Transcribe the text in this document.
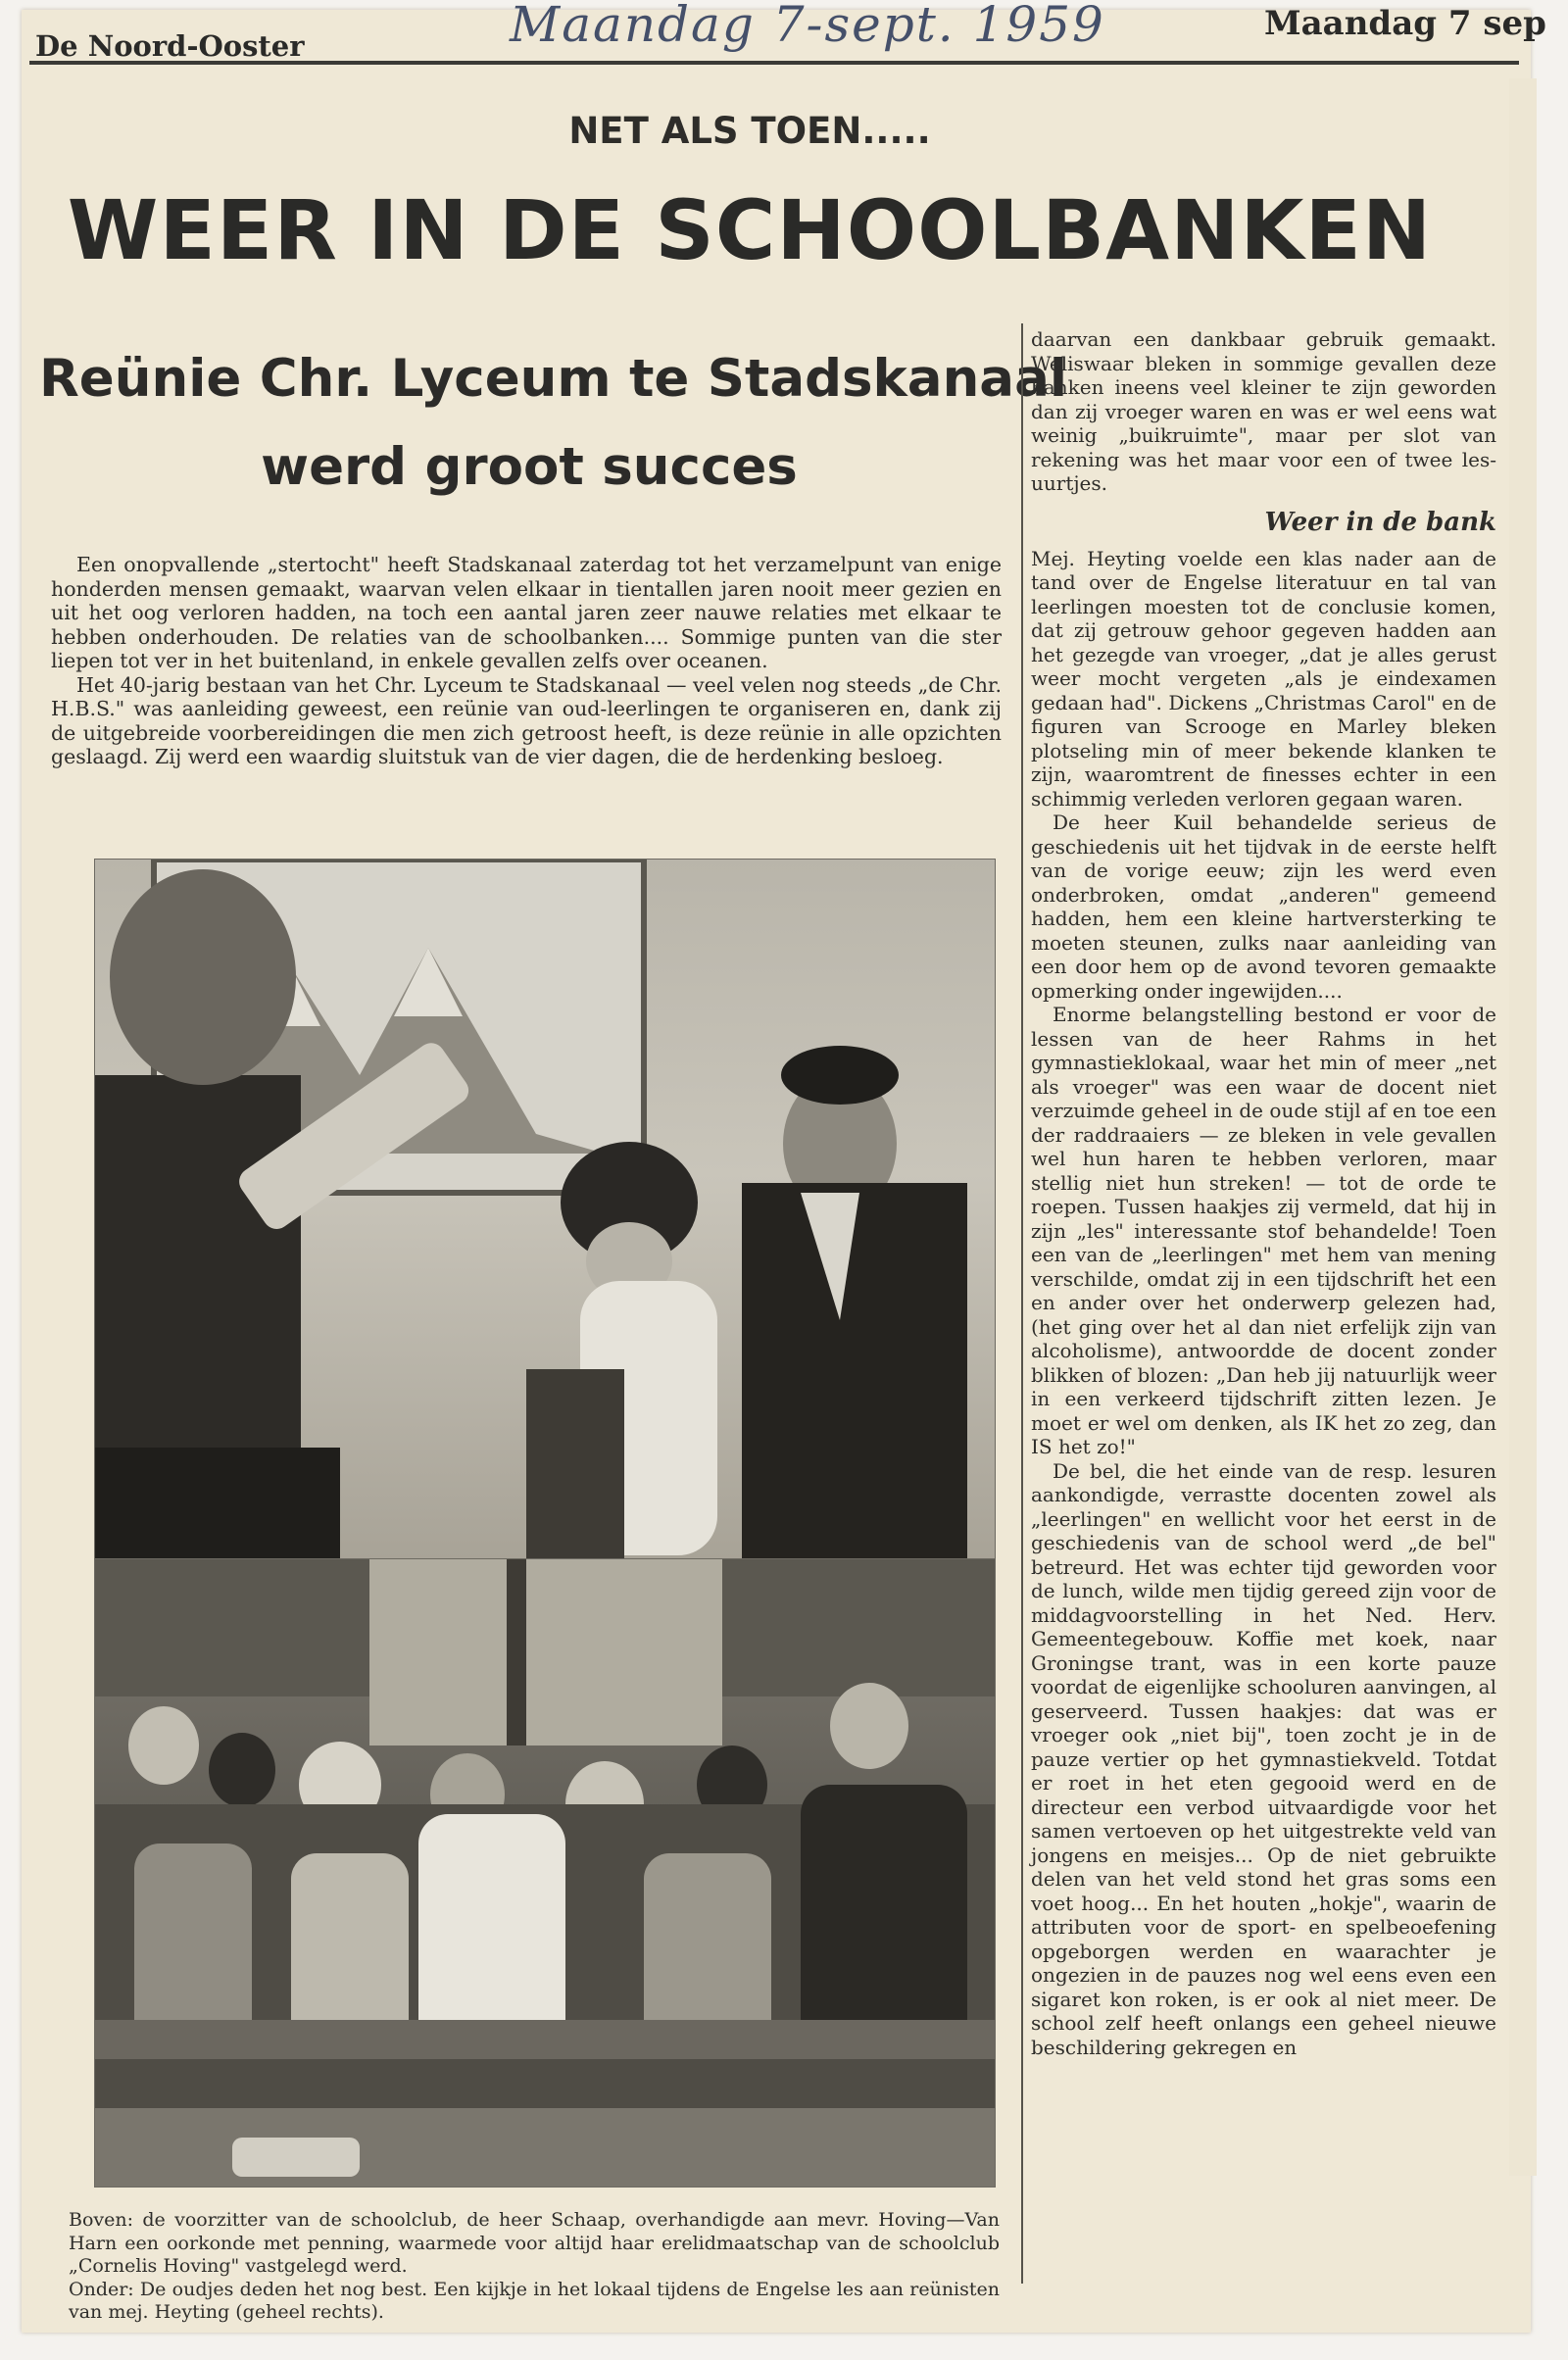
De Noord-Ooster	Maandag 7-sept. 1959	Maandag 7 sep
NET ALS TOEN.....
WEER IN DE SCHOOLBANKEN
Reünie Chr. Lyceum te Stadskanaal
werd groot succes

Een onopvallende „stertocht" heeft Stadskanaal zaterdag tot het verzamelpunt van enige honderden mensen gemaakt, waarvan velen elkaar in tientallen jaren nooit meer gezien en uit het oog verloren hadden, na toch een aantal jaren zeer nauwe relaties met elkaar te hebben onderhouden. De relaties van de schoolbanken.... Sommige punten van die ster liepen tot ver in het buitenland, in enkele gevallen zelfs over oceanen.

Het 40-jarig bestaan van het Chr. Lyceum te Stadskanaal — veel velen nog steeds „de Chr. H.B.S." was aanleiding geweest, een reünie van oud-leerlingen te organiseren en, dank zij de uitgebreide voorbereidingen die men zich getroost heeft, is deze reünie in alle opzichten geslaagd. Zij werd een waardig sluitstuk van de vier dagen, die de herdenking besloeg.

Boven: de voorzitter van de schoolclub, de heer Schaap, overhandigde aan mevr. Hoving—Van Harn een oorkonde met penning, waarmede voor altijd haar erelidmaatschap van de schoolclub „Cornelis Hoving" vastgelegd werd.

Onder: De oudjes deden het nog best. Een kijkje in het lokaal tijdens de Engelse les aan reünisten van mej. Heyting (geheel rechts).

daarvan een dankbaar gebruik gemaakt. Weliswaar bleken in sommige gevallen deze banken ineens veel kleiner te zijn geworden dan zij vroeger waren en was er wel eens wat weinig „buikruimte", maar per slot van rekening was het maar voor een of twee les-uurtjes.

Weer in de bank

Mej. Heyting voelde een klas nader aan de tand over de Engelse literatuur en tal van leerlingen moesten tot de conclusie komen, dat zij getrouw gehoor gegeven hadden aan het gezegde van vroeger, „dat je alles gerust weer mocht vergeten „als je eindexamen gedaan had". Dickens „Christmas Carol" en de figuren van Scrooge en Marley bleken plotseling min of meer bekende klanken te zijn, waaromtrent de finesses echter in een schimmig verleden verloren gegaan waren.

De heer Kuil behandelde serieus de geschiedenis uit het tijdvak in de eerste helft van de vorige eeuw; zijn les werd even onderbroken, omdat „anderen" gemeend hadden, hem een kleine hartversterking te moeten steunen, zulks naar aanleiding van een door hem op de avond tevoren gemaakte opmerking onder ingewijden....

Enorme belangstelling bestond er voor de lessen van de heer Rahms in het gymnastieklokaal, waar het min of meer „net als vroeger" was een waar de docent niet verzuimde geheel in de oude stijl af en toe een der raddraaiers — ze bleken in vele gevallen wel hun haren te hebben verloren, maar stellig niet hun streken! — tot de orde te roepen. Tussen haakjes zij vermeld, dat hij in zijn „les" interessante stof behandelde! Toen een van de „leerlingen" met hem van mening verschilde, omdat zij in een tijdschrift het een en ander over het onderwerp gelezen had, (het ging over het al dan niet erfelijk zijn van alcoholisme), antwoordde de docent zonder blikken of blozen: „Dan heb jij natuurlijk weer in een verkeerd tijdschrift zitten lezen. Je moet er wel om denken, als IK het zo zeg, dan IS het zo!"

De bel, die het einde van de resp. lesuren aankondigde, verrastte docenten zowel als „leerlingen" en wellicht voor het eerst in de geschiedenis van de school werd „de bel" betreurd. Het was echter tijd geworden voor de lunch, wilde men tijdig gereed zijn voor de middagvoorstelling in het Ned. Herv. Gemeentegebouw. Koffie met koek, naar Groningse trant, was in een korte pauze voordat de eigenlijke schooluren aanvingen, al geserveerd. Tussen haakjes: dat was er vroeger ook „niet bij", toen zocht je in de pauze vertier op het gymnastiekveld. Totdat er roet in het eten gegooid werd en de directeur een verbod uitvaardigde voor het samen vertoeven op het uitgestrekte veld van jongens en meisjes... Op de niet gebruikte delen van het veld stond het gras soms een voet hoog... En het houten „hokje", waarin de attributen voor de sport- en spelbeoefening opgeborgen werden en waarachter je ongezien in de pauzes nog wel eens even een sigaret kon roken, is er ook al niet meer. De school zelf heeft onlangs een geheel nieuwe beschildering gekregen en
